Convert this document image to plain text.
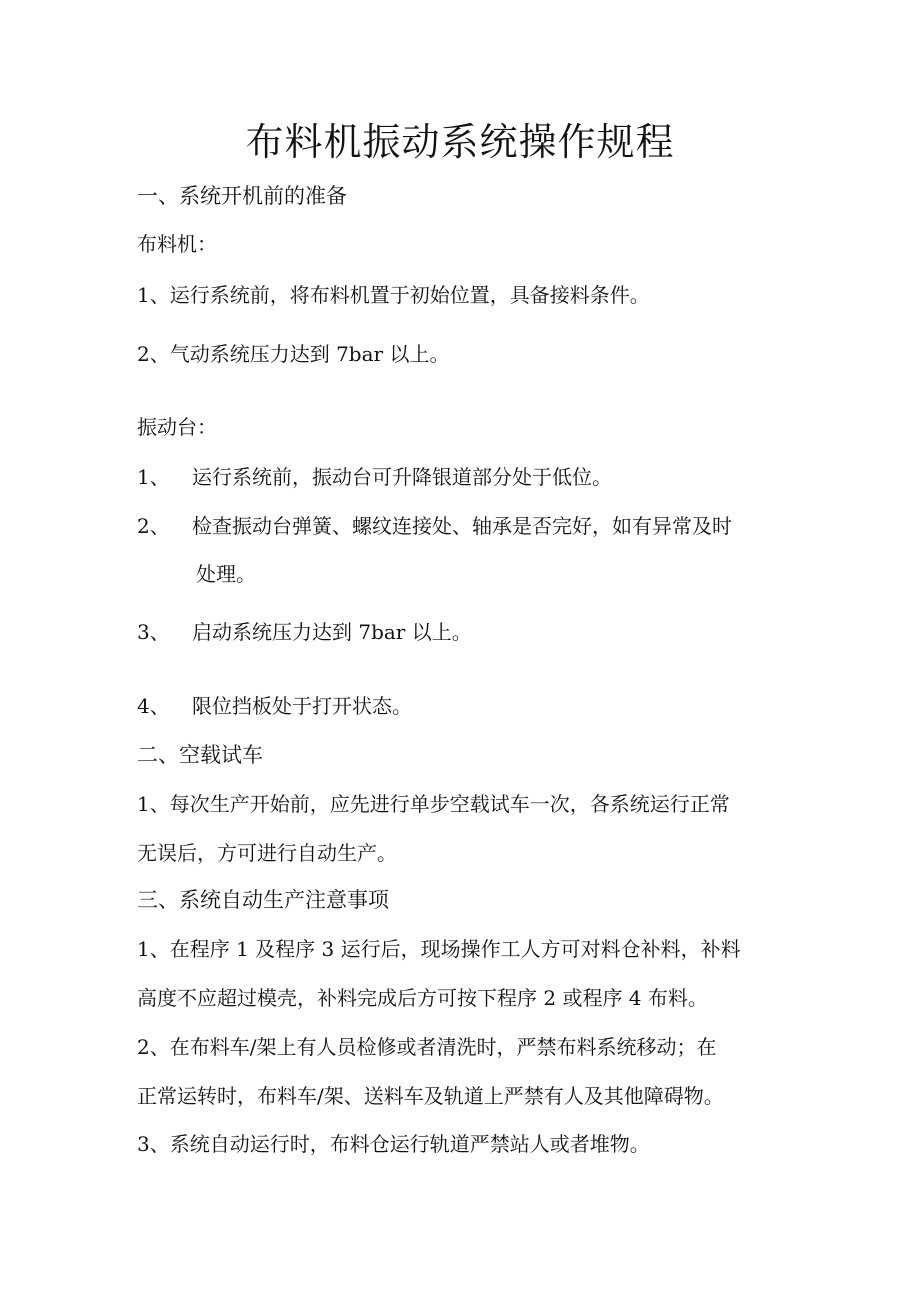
布料机振动系统操作规程
一、系统开机前的准备
布料机：
1、运行系统前，将布料机置于初始位置，具备接料条件。
2、气动系统压力达到 7bar 以上。
振动台：
1、 运行系统前，振动台可升降银道部分处于低位。
2、 检查振动台弹簧、螺纹连接处、轴承是否完好，如有异常及时
处理。
3、 启动系统压力达到 7bar 以上。
4、 限位挡板处于打开状态。
二、空载试车
1、每次生产开始前，应先进行单步空载试车一次，各系统运行正常
无误后，方可进行自动生产。
三、系统自动生产注意事项
1、在程序 1 及程序 3 运行后，现场操作工人方可对料仓补料，补料
高度不应超过模壳，补料完成后方可按下程序 2 或程序 4 布料。
2、在布料车/架上有人员检修或者清洗时，严禁布料系统移动；在
正常运转时，布料车/架、送料车及轨道上严禁有人及其他障碍物。
3、系统自动运行时，布料仓运行轨道严禁站人或者堆物。
